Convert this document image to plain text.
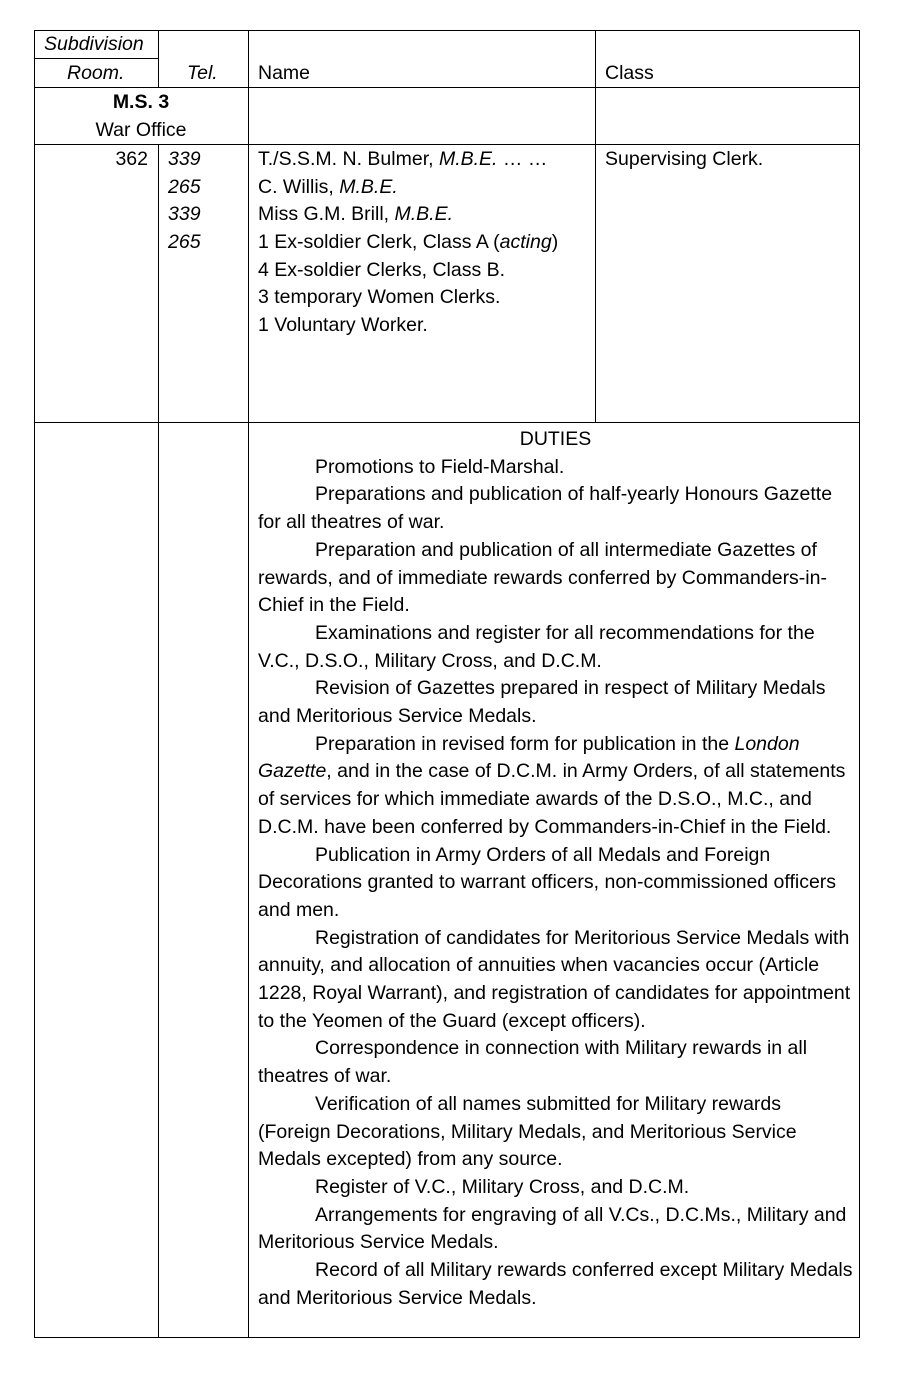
Subdivision
Room.	Tel. Name	Class
M.S. 3
War Office
362 339
265
339
265
T./S.S.M. N. Bulmer, M.B.E. … …
C. Willis, M.B.E.
Miss G.M. Brill, M.B.E.
1 Ex-soldier Clerk, Class A (acting)
4 Ex-soldier Clerks, Class B.
3 temporary Women Clerks.
1 Voluntary Worker.
Supervising Clerk.

DUTIES

Promotions to Field-Marshal.

Preparations and publication of half-yearly Honours Gazette for all theatres of war.

Preparation and publication of all intermediate Gazettes of rewards, and of immediate rewards conferred by Commanders-in-Chief in the Field.

Examinations and register for all recommendations for the V.C., D.S.O., Military Cross, and D.C.M.

Revision of Gazettes prepared in respect of Military Medals and Meritorious Service Medals.

Preparation in revised form for publication in the London Gazette, and in the case of D.C.M. in Army Orders, of all statements of services for which immediate awards of the D.S.O., M.C., and D.C.M. have been conferred by Commanders-in-Chief in the Field.

Publication in Army Orders of all Medals and Foreign Decorations granted to warrant officers, non-commissioned officers and men.

Registration of candidates for Meritorious Service Medals with annuity, and allocation of annuities when vacancies occur (Article 1228, Royal Warrant), and registration of candidates for appointment to the Yeomen of the Guard (except officers).

Correspondence in connection with Military rewards in all theatres of war.

Verification of all names submitted for Military rewards (Foreign Decorations, Military Medals, and Meritorious Service Medals excepted) from any source.

Register of V.C., Military Cross, and D.C.M.

Arrangements for engraving of all V.Cs., D.C.Ms., Military and Meritorious Service Medals.

Record of all Military rewards conferred except Military Medals and Meritorious Service Medals.
